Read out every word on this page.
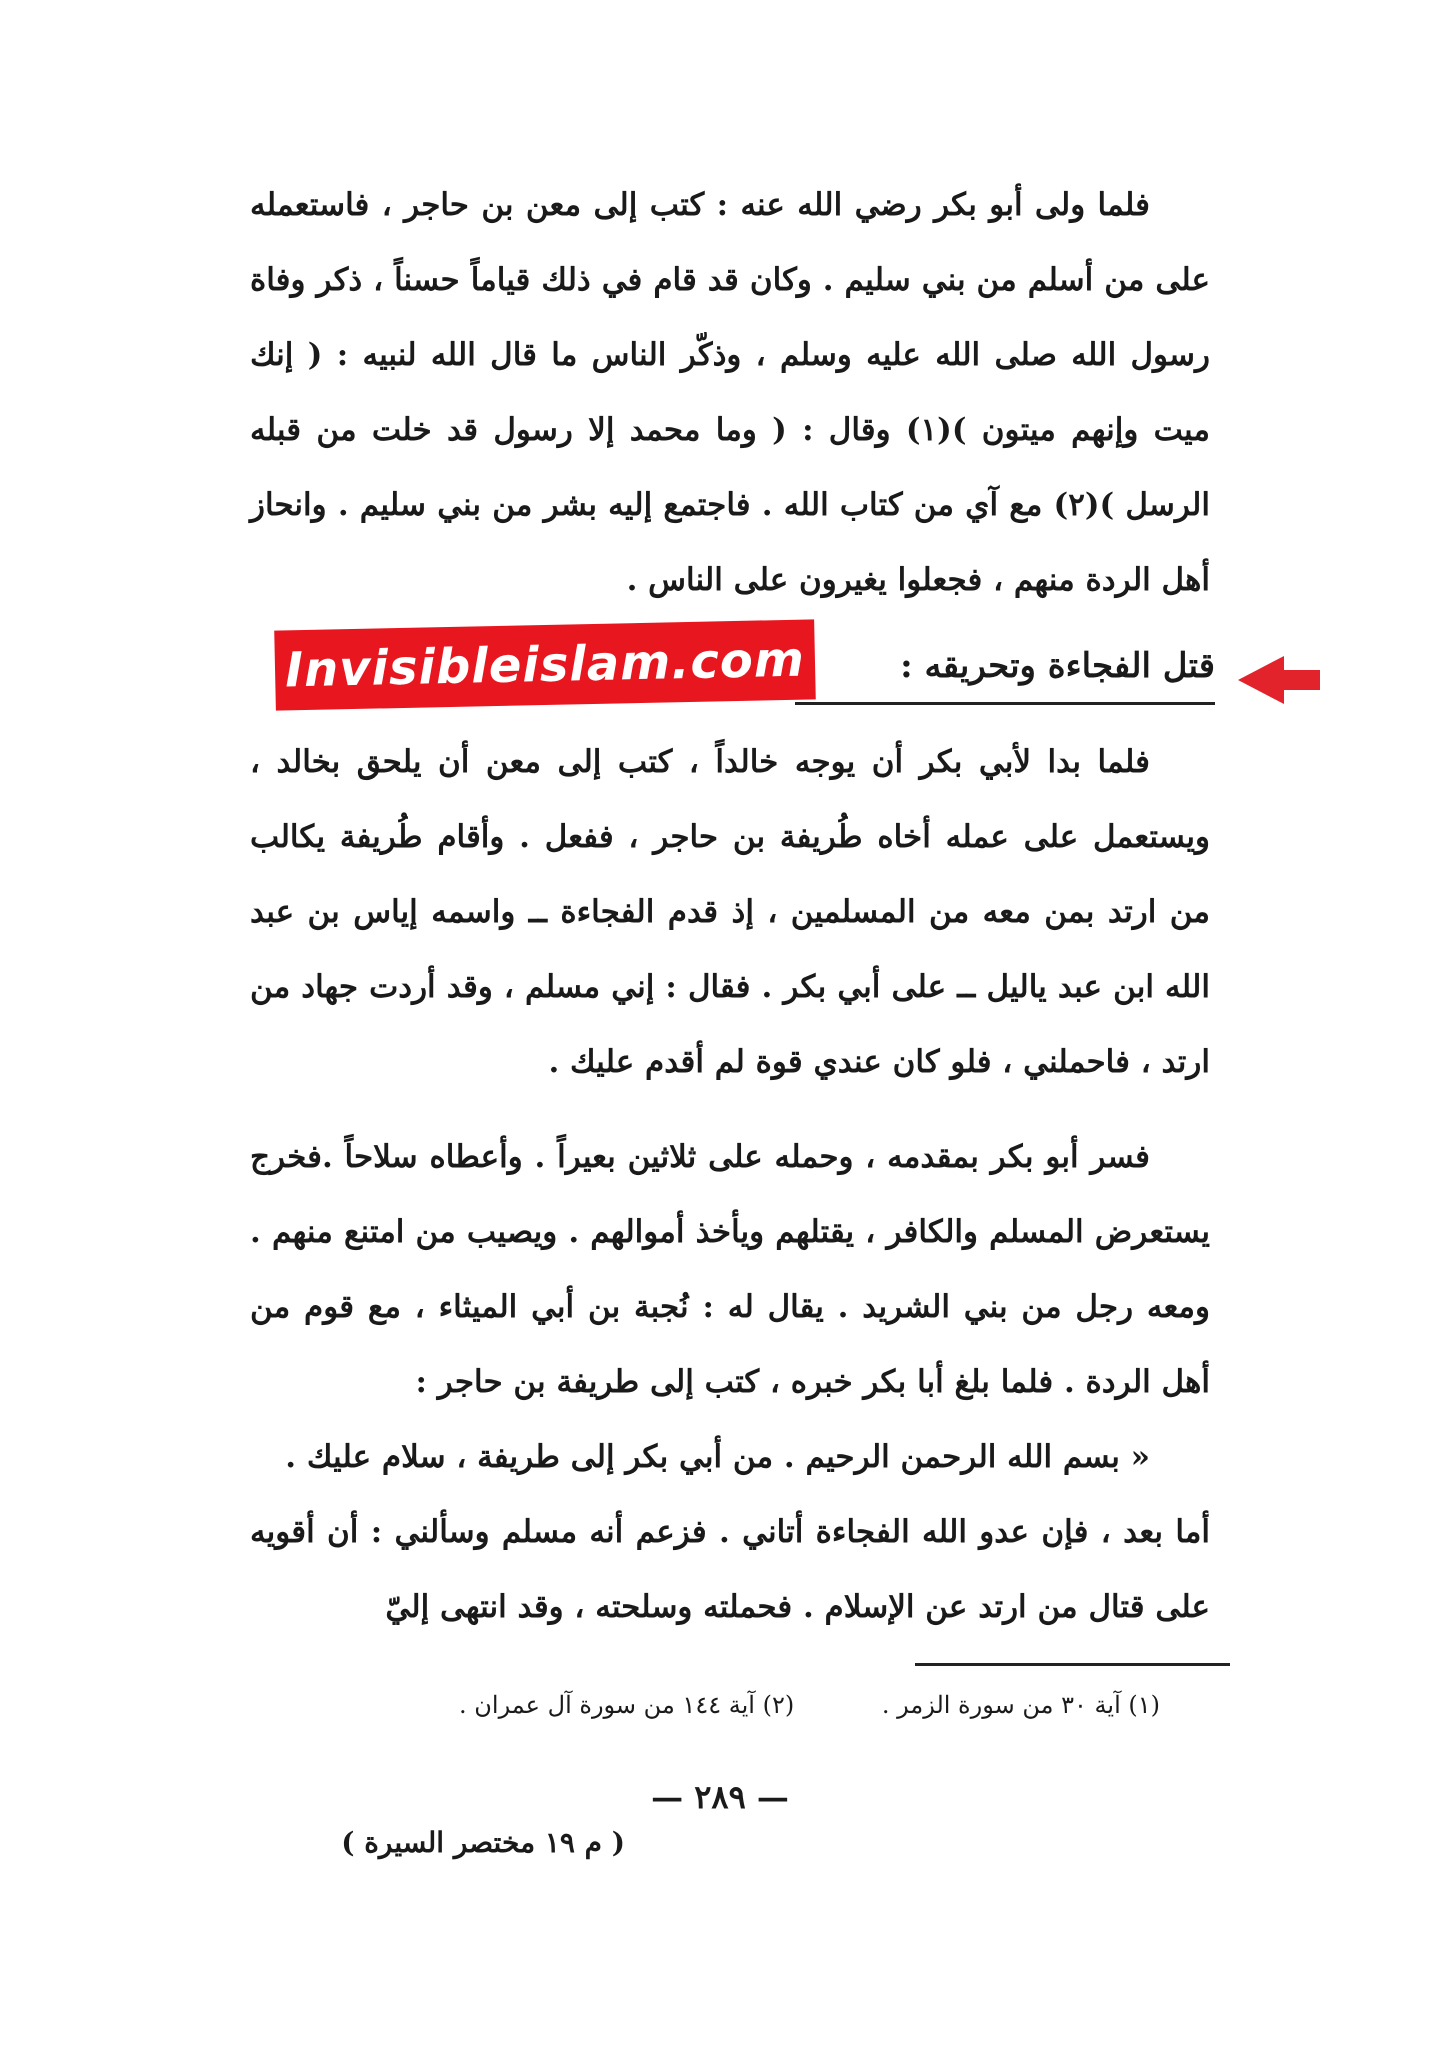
فلما ولى أبو بكر رضي الله عنه : كتب إلى معن بن حاجر ، فاستعمله على من أسلم من بني سليم . وكان قد قام في ذلك قياماً حسناً ، ذكر وفاة رسول الله صلى الله عليه وسلم ، وذكّر الناس ما قال الله لنبيه : ( إنك ميت وإنهم ميتون )(١) وقال : ( وما محمد إلا رسول قد خلت من قبله الرسل )(٢) مع آي من كتاب الله . فاجتمع إليه بشر من بني سليم . وانحاز أهل الردة منهم ، فجعلوا يغيرون على الناس .

قتل الفجاءة وتحريقه :
Invisibleislam.com

فلما بدا لأبي بكر أن يوجه خالداً ، كتب إلى معن أن يلحق بخالد ، ويستعمل على عمله أخاه طُريفة بن حاجر ، ففعل . وأقام طُريفة يكالب من ارتد بمن معه من المسلمين ، إذ قدم الفجاءة ــ واسمه إياس بن عبد الله ابن عبد ياليل ــ على أبي بكر . فقال : إني مسلم ، وقد أردت جهاد من ارتد ، فاحملني ، فلو كان عندي قوة لم أقدم عليك .

فسر أبو بكر بمقدمه ، وحمله على ثلاثين بعيراً . وأعطاه سلاحاً .فخرج يستعرض المسلم والكافر ، يقتلهم ويأخذ أموالهم . ويصيب من امتنع منهم . ومعه رجل من بني الشريد . يقال له : نُجبة بن أبي الميثاء ، مع قوم من أهل الردة . فلما بلغ أبا بكر خبره ، كتب إلى طريفة بن حاجر :

« بسم الله الرحمن الرحيم . من أبي بكر إلى طريفة ، سلام عليك .

أما بعد ، فإن عدو الله الفجاءة أتاني . فزعم أنه مسلم وسألني : أن أقويه على قتال من ارتد عن الإسلام . فحملته وسلحته ، وقد انتهى إليّ

(١) آية ٣٠ من سورة الزمر . (٢) آية ١٤٤ من سورة آل عمران .
— ٢٨٩ —
( م ١٩ مختصر السيرة )
